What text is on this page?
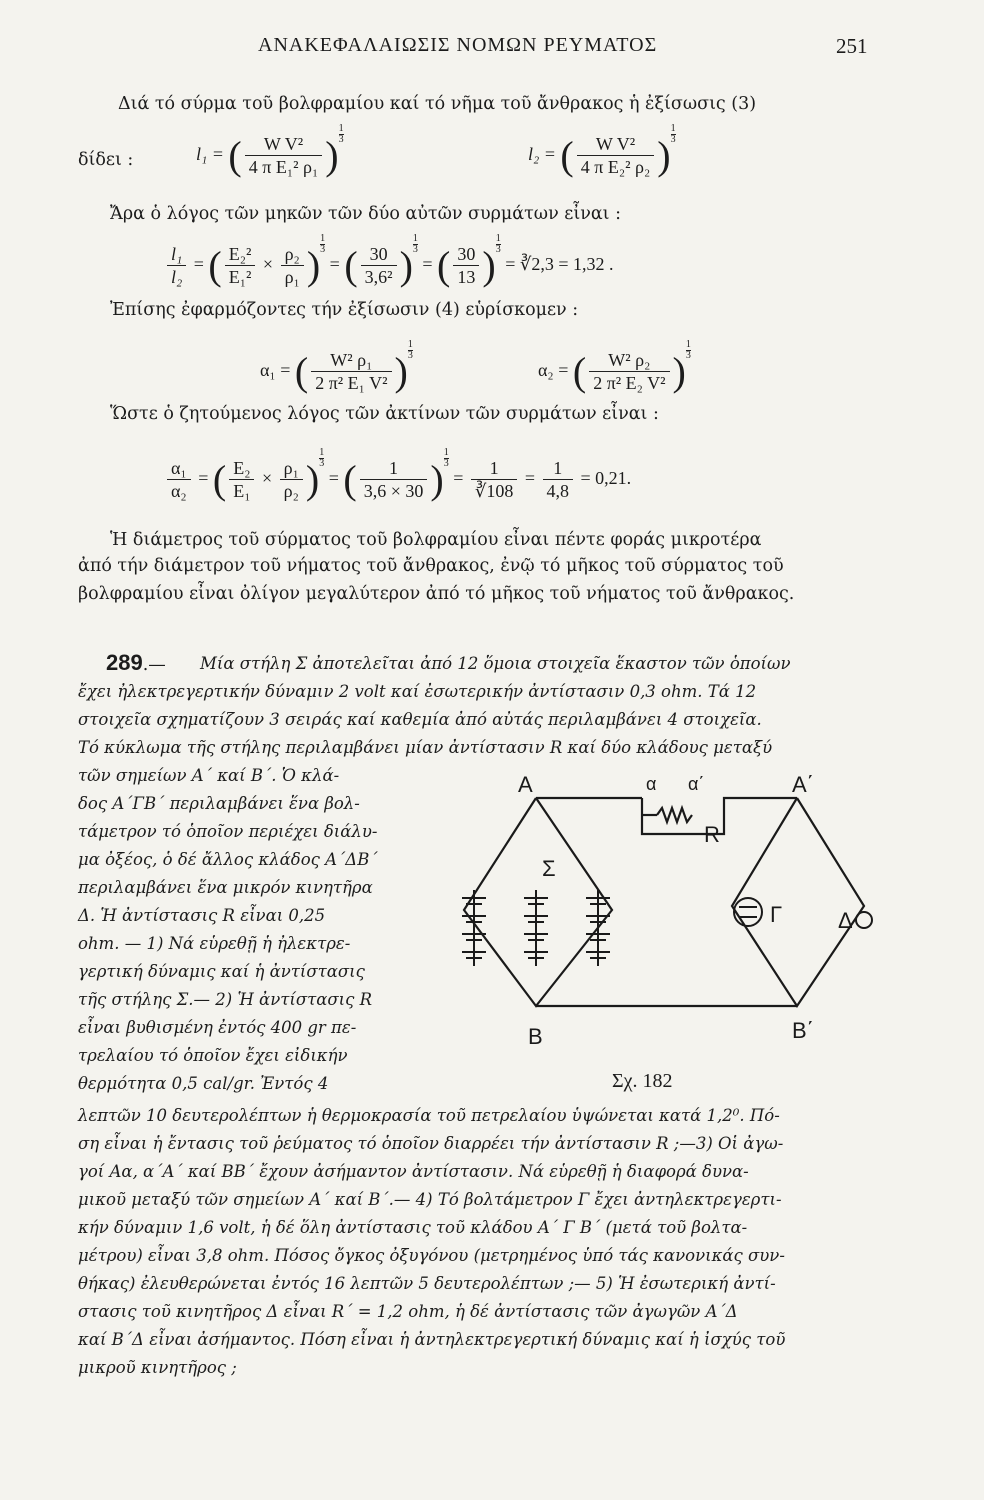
ΑΝΑΚΕΦΑΛΑΙΩΣΙΣ ΝΟΜΩΝ ΡΕΥΜΑΤΟΣ	251
Διά τό σύρμα τοῦ βολφραμίου καί τό νῆμα τοῦ ἄνθρακος ἡ ἐξίσωσις (3)
δίδει :	l₁ = ( $\frac{\text{W V²}}{\text{4 π E₁² ρ₁}}$ ) $\frac{1}{3}$
l₂ = ( $\frac{\text{W V²}}{\text{4 π E₂² ρ₂}}$ ) $\frac{1}{3}$
Ἄρα ὁ λόγος τῶν μηκῶν τῶν δύο αὐτῶν συρμάτων εἶναι :
$\frac{\text{l₁}}{\text{l₂}}$ = ( $\frac{\text{E₂²}}{\text{E₁²}} \times \frac{\text{ρ₂}}{\text{ρ₁}}$ ) $\frac{1}{3}$
= ( $\frac{30}{\text{3,6²}}$ ) $\frac{1}{3}$
= ( $\frac{30}{13}$ ) $\frac{1}{3}$
= ∛2,3 = 1,32 .
Ἐπίσης ἐφαρμόζοντες τήν ἐξίσωσιν (4) εὑρίσκομεν :
α₁ = ( $\frac{\text{W² ρ₁}}{\text{2 π² E₁ V²}}$ ) $\frac{1}{3}$
α₂ = ( $\frac{\text{W² ρ₂}}{\text{2 π² E₂ V²}}$ ) $\frac{1}{3}$
Ὥστε ὁ ζητούμενος λόγος τῶν ἀκτίνων τῶν συρμάτων εἶναι :
$\frac{\text{α₁}}{\text{α₂}}$ = ( $\frac{\text{E₂}}{\text{E₁}} \times \frac{\text{ρ₁}}{\text{ρ₂}}$ ) $\frac{1}{3}$
= ( $\frac{1}{3,6 \times 30}$ ) $\frac{1}{3}$
= $\frac{1}{∛108} = \frac{1}{4,8} = 0,21$.
Ἡ διάμετρος τοῦ σύρματος τοῦ βολφραμίου εἶναι πέντε φοράς μικροτέρα
ἀπό τήν διάμετρον τοῦ νήματος τοῦ ἄνθρακος, ἐνῷ τό μῆκος τοῦ σύρματος τοῦ
βολφραμίου εἶναι ὀλίγον μεγαλύτερον ἀπό τό μῆκος τοῦ νήματος τοῦ ἄνθρακος.
289.— Μία στήλη Σ ἀποτελεῖται ἀπό 12 ὅμοια στοιχεῖα ἕκαστον τῶν ὁποίων
ἔχει ἠλεκτρεγερτικήν δύναμιν 2 volt καί ἐσωτερικήν ἀντίστασιν 0,3 ohm. Τά 12
στοιχεῖα σχηματίζουν 3 σειράς καί καθεμία ἀπό αὐτάς περιλαμβάνει 4 στοιχεῖα.
Τό κύκλωμα τῆς στήλης περιλαμβάνει μίαν ἀντίστασιν R καί δύο κλάδους μεταξύ
τῶν σημείων Α΄ καί Β΄. Ὁ κλά-
δος Α΄ΓΒ΄ περιλαμβάνει ἕνα βολ-
τάμετρον τό ὁποῖον περιέχει διάλυ-
μα ὀξέος, ὁ δέ ἄλλος κλάδος Α΄ΔΒ΄
περιλαμβάνει ἕνα μικρόν κινητῆρα
Δ. Ἡ ἀντίστασις R εἶναι 0,25
ohm. — 1) Νά εὑρεθῇ ἡ ἠλεκτρε-
γερτική δύναμις καί ἡ ἀντίστασις
τῆς στήλης Σ.— 2) Ἡ ἀντίστασις R
εἶναι βυθισμένη ἐντός 400 gr πε-
τρελαίου τό ὁποῖον ἔχει εἰδικήν
θερμότητα 0,5 cal/gr. Ἐντός 4
λεπτῶν 10 δευτερολέπτων ἡ θερμοκρασία τοῦ πετρελαίου ὑψώνεται κατά 1,2⁰. Πό-
ση εἶναι ἡ ἔντασις τοῦ ῥεύματος τό ὁποῖον διαρρέει τήν ἀντίστασιν R ;—3) Οἱ ἀγω-
γοί Αα, α΄Α΄ καί ΒΒ΄ ἔχουν ἀσήμαντον ἀντίστασιν. Νά εὑρεθῇ ἡ διαφορά δυνα-
μικοῦ μεταξύ τῶν σημείων Α΄ καί Β΄.— 4) Τό βολτάμετρον Γ ἔχει ἀντηλεκτρεγερτι-
κήν δύναμιν 1,6 volt, ἡ δέ ὅλη ἀντίστασις τοῦ κλάδου Α΄ Γ Β΄ (μετά τοῦ βολτα-
μέτρου) εἶναι 3,8 ohm. Πόσος ὄγκος ὀξυγόνου (μετρημένος ὑπό τάς κανονικάς συν-
θήκας) ἐλευθερώνεται ἐντός 16 λεπτῶν 5 δευτερολέπτων ;— 5) Ἡ ἐσωτερική ἀντί-
στασις τοῦ κινητῆρος Δ εἶναι R΄ = 1,2 ohm, ἡ δέ ἀντίστασις τῶν ἀγωγῶν Α΄Δ
καί Β΄Δ εἶναι ἀσήμαντος. Πόση εἶναι ἡ ἀντηλεκτρεγερτική δύναμις καί ἡ ἰσχύς τοῦ
μικροῦ κινητῆρος ;
A	α α΄	A΄
R
Σ
Γ	Δ
B	B΄
Σχ. 182
